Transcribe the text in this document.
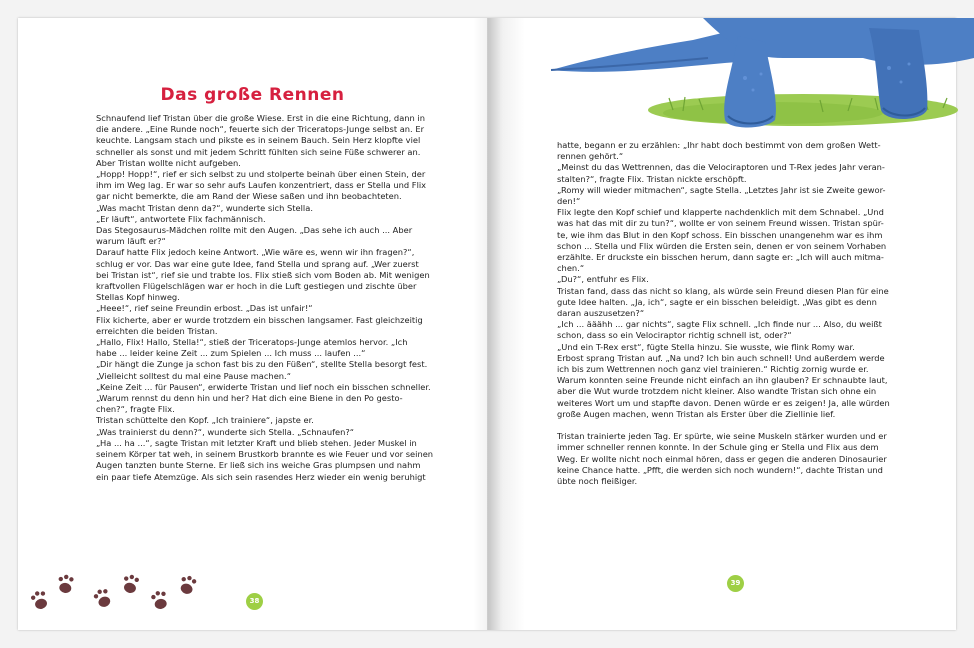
Das große Rennen
Schnaufend lief Tristan über die große Wiese. Erst in die eine Richtung, dann in
die andere. „Eine Runde noch“, feuerte sich der Triceratops-Junge selbst an. Er
keuchte. Langsam stach und pikste es in seinem Bauch. Sein Herz klopfte viel
schneller als sonst und mit jedem Schritt fühlten sich seine Füße schwerer an.
Aber Tristan wollte nicht aufgeben.
„Hopp! Hopp!“, rief er sich selbst zu und stolperte beinah über einen Stein, der
ihm im Weg lag. Er war so sehr aufs Laufen konzentriert, dass er Stella und Flix
gar nicht bemerkte, die am Rand der Wiese saßen und ihn beobachteten.
„Was macht Tristan denn da?“, wunderte sich Stella.
„Er läuft“, antwortete Flix fachmännisch.
Das Stegosaurus-Mädchen rollte mit den Augen. „Das sehe ich auch ... Aber
warum läuft er?“
Darauf hatte Flix jedoch keine Antwort. „Wie wäre es, wenn wir ihn fragen?“,
schlug er vor. Das war eine gute Idee, fand Stella und sprang auf. „Wer zuerst
bei Tristan ist“, rief sie und trabte los. Flix stieß sich vom Boden ab. Mit wenigen
kraftvollen Flügelschlägen war er hoch in die Luft gestiegen und zischte über
Stellas Kopf hinweg.
„Heee!“, rief seine Freundin erbost. „Das ist unfair!“
Flix kicherte, aber er wurde trotzdem ein bisschen langsamer. Fast gleichzeitig
erreichten die beiden Tristan.
„Hallo, Flix! Hallo, Stella!“, stieß der Triceratops-Junge atemlos hervor. „Ich
habe ... leider keine Zeit ... zum Spielen ... Ich muss ... laufen ...“
„Dir hängt die Zunge ja schon fast bis zu den Füßen“, stellte Stella besorgt fest.
„Vielleicht solltest du mal eine Pause machen.“
„Keine Zeit ... für Pausen“, erwiderte Tristan und lief noch ein bisschen schneller.
„Warum rennst du denn hin und her? Hat dich eine Biene in den Po gesto-
chen?“, fragte Flix.
Tristan schüttelte den Kopf. „Ich trainiere“, japste er.
„Was trainierst du denn?“, wunderte sich Stella. „Schnaufen?“
„Ha ... ha ...“, sagte Tristan mit letzter Kraft und blieb stehen. Jeder Muskel in
seinem Körper tat weh, in seinem Brustkorb brannte es wie Feuer und vor seinen
Augen tanzten bunte Sterne. Er ließ sich ins weiche Gras plumpsen und nahm
ein paar tiefe Atemzüge. Als sich sein rasendes Herz wieder ein wenig beruhigt
38
39
hatte, begann er zu erzählen: „Ihr habt doch bestimmt von dem großen Wett-
rennen gehört.“
„Meinst du das Wettrennen, das die Velociraptoren und T-Rex jedes Jahr veran-
stalten?“, fragte Flix. Tristan nickte erschöpft.
„Romy will wieder mitmachen“, sagte Stella. „Letztes Jahr ist sie Zweite gewor-
den!“
Flix legte den Kopf schief und klapperte nachdenklich mit dem Schnabel. „Und
was hat das mit dir zu tun?“, wollte er von seinem Freund wissen. Tristan spür-
te, wie ihm das Blut in den Kopf schoss. Ein bisschen unangenehm war es ihm
schon ... Stella und Flix würden die Ersten sein, denen er von seinem Vorhaben
erzählte. Er druckste ein bisschen herum, dann sagte er: „Ich will auch mitma-
chen.“
„Du?“, entfuhr es Flix.
Tristan fand, dass das nicht so klang, als würde sein Freund diesen Plan für eine
gute Idee halten. „Ja, ich“, sagte er ein bisschen beleidigt. „Was gibt es denn
daran auszusetzen?“
„Ich ... ääähh ... gar nichts“, sagte Flix schnell. „Ich finde nur ... Also, du weißt
schon, dass so ein Velociraptor richtig schnell ist, oder?“
„Und ein T-Rex erst“, fügte Stella hinzu. Sie wusste, wie flink Romy war.
Erbost sprang Tristan auf. „Na und? Ich bin auch schnell! Und außerdem werde
ich bis zum Wettrennen noch ganz viel trainieren.“ Richtig zornig wurde er.
Warum konnten seine Freunde nicht einfach an ihn glauben? Er schnaubte laut,
aber die Wut wurde trotzdem nicht kleiner. Also wandte Tristan sich ohne ein
weiteres Wort um und stapfte davon. Denen würde er es zeigen! Ja, alle würden
große Augen machen, wenn Tristan als Erster über die Ziellinie lief.
Tristan trainierte jeden Tag. Er spürte, wie seine Muskeln stärker wurden und er
immer schneller rennen konnte. In der Schule ging er Stella und Flix aus dem
Weg. Er wollte nicht noch einmal hören, dass er gegen die anderen Dinosaurier
keine Chance hatte. „Pfft, die werden sich noch wundern!“, dachte Tristan und
übte noch fleißiger.
